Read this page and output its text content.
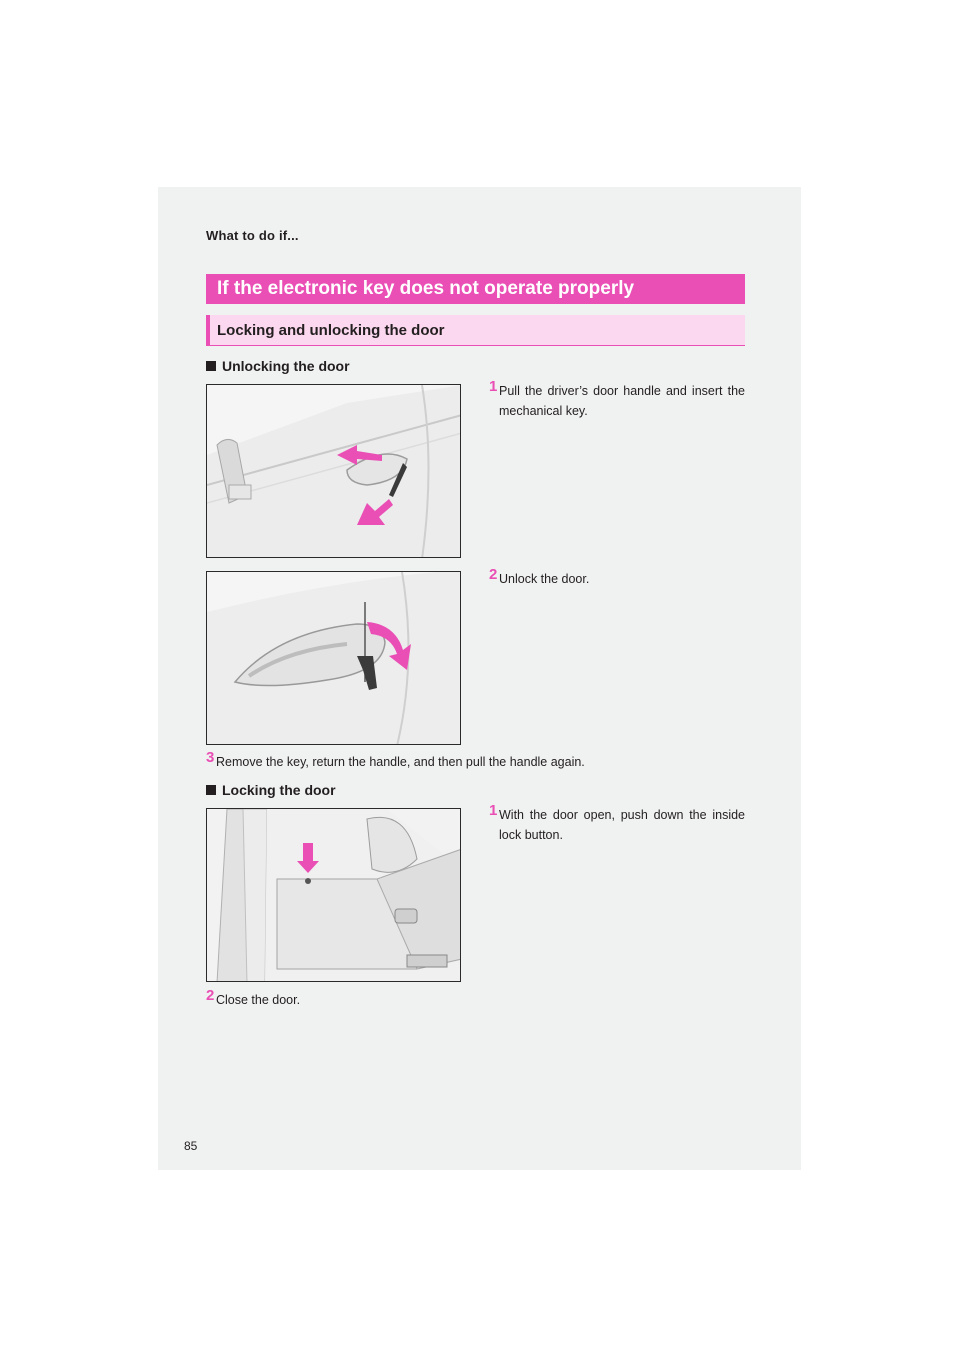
What to do if...
If the electronic key does not operate properly
Locking and unlocking the door
Unlocking the door
1 Pull the driver’s door handle and insert the mechanical key.
2 Unlock the door.
3 Remove the key, return the handle, and then pull the handle again.
Locking the door
1 With the door open, push down the inside lock button.
2 Close the door.
85
